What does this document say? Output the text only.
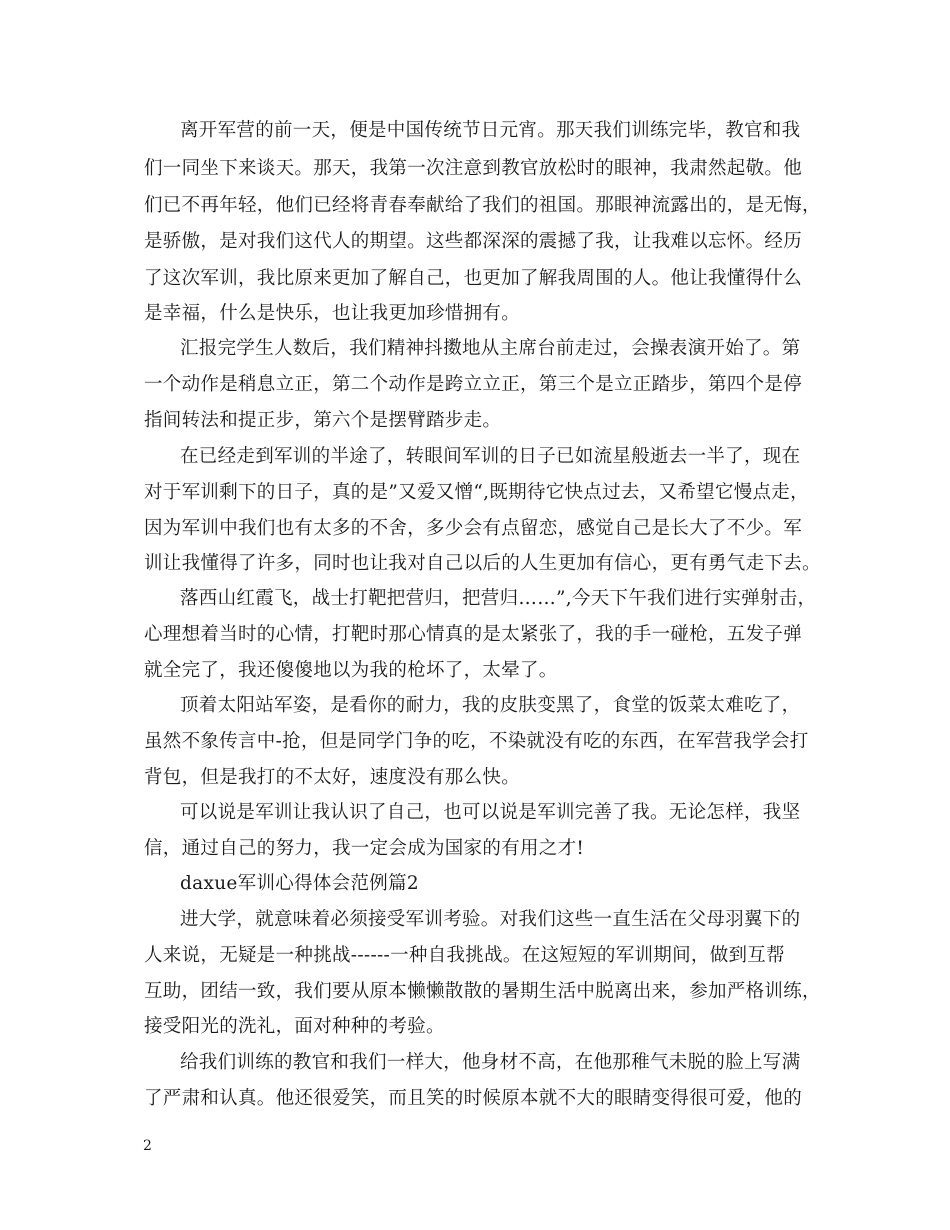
离开军营的前一天，便是中国传统节日元宵。那天我们训练完毕，教官和我
们一同坐下来谈天。那天，我第一次注意到教官放松时的眼神，我肃然起敬。他
们已不再年轻，他们已经将青春奉献给了我们的祖国。那眼神流露出的，是无悔，
是骄傲，是对我们这代人的期望。这些都深深的震撼了我，让我难以忘怀。经历
了这次军训，我比原来更加了解自己，也更加了解我周围的人。他让我懂得什么
是幸福，什么是快乐，也让我更加珍惜拥有。
汇报完学生人数后，我们精神抖擞地从主席台前走过，会操表演开始了。第
一个动作是稍息立正，第二个动作是跨立立正，第三个是立正踏步，第四个是停
指间转法和提正步，第六个是摆臂踏步走。
在已经走到军训的半途了，转眼间军训的日子已如流星般逝去一半了，现在
对于军训剩下的日子，真的是”又爱又憎“,既期待它快点过去，又希望它慢点走，
因为军训中我们也有太多的不舍，多少会有点留恋，感觉自己是长大了不少。军
训让我懂得了许多，同时也让我对自己以后的人生更加有信心，更有勇气走下去。
落西山红霞飞，战士打靶把营归，把营归……”,今天下午我们进行实弹射击，
心理想着当时的心情，打靶时那心情真的是太紧张了，我的手一碰枪，五发子弹
就全完了，我还傻傻地以为我的枪坏了，太晕了。
顶着太阳站军姿，是看你的耐力，我的皮肤变黑了，食堂的饭菜太难吃了，
虽然不象传言中-抢，但是同学门争的吃，不染就没有吃的东西，在军营我学会打
背包，但是我打的不太好，速度没有那么快。
可以说是军训让我认识了自己，也可以说是军训完善了我。无论怎样，我坚
信，通过自己的努力，我一定会成为国家的有用之才!
daxue军训心得体会范例篇2
进大学，就意味着必须接受军训考验。对我们这些一直生活在父母羽翼下的
人来说，无疑是一种挑战------一种自我挑战。在这短短的军训期间，做到互帮
互助，团结一致，我们要从原本懒懒散散的暑期生活中脱离出来，参加严格训练，
接受阳光的洗礼，面对种种的考验。
给我们训练的教官和我们一样大，他身材不高，在他那稚气未脱的脸上写满
了严肃和认真。他还很爱笑，而且笑的时候原本就不大的眼睛变得很可爱，他的
2
